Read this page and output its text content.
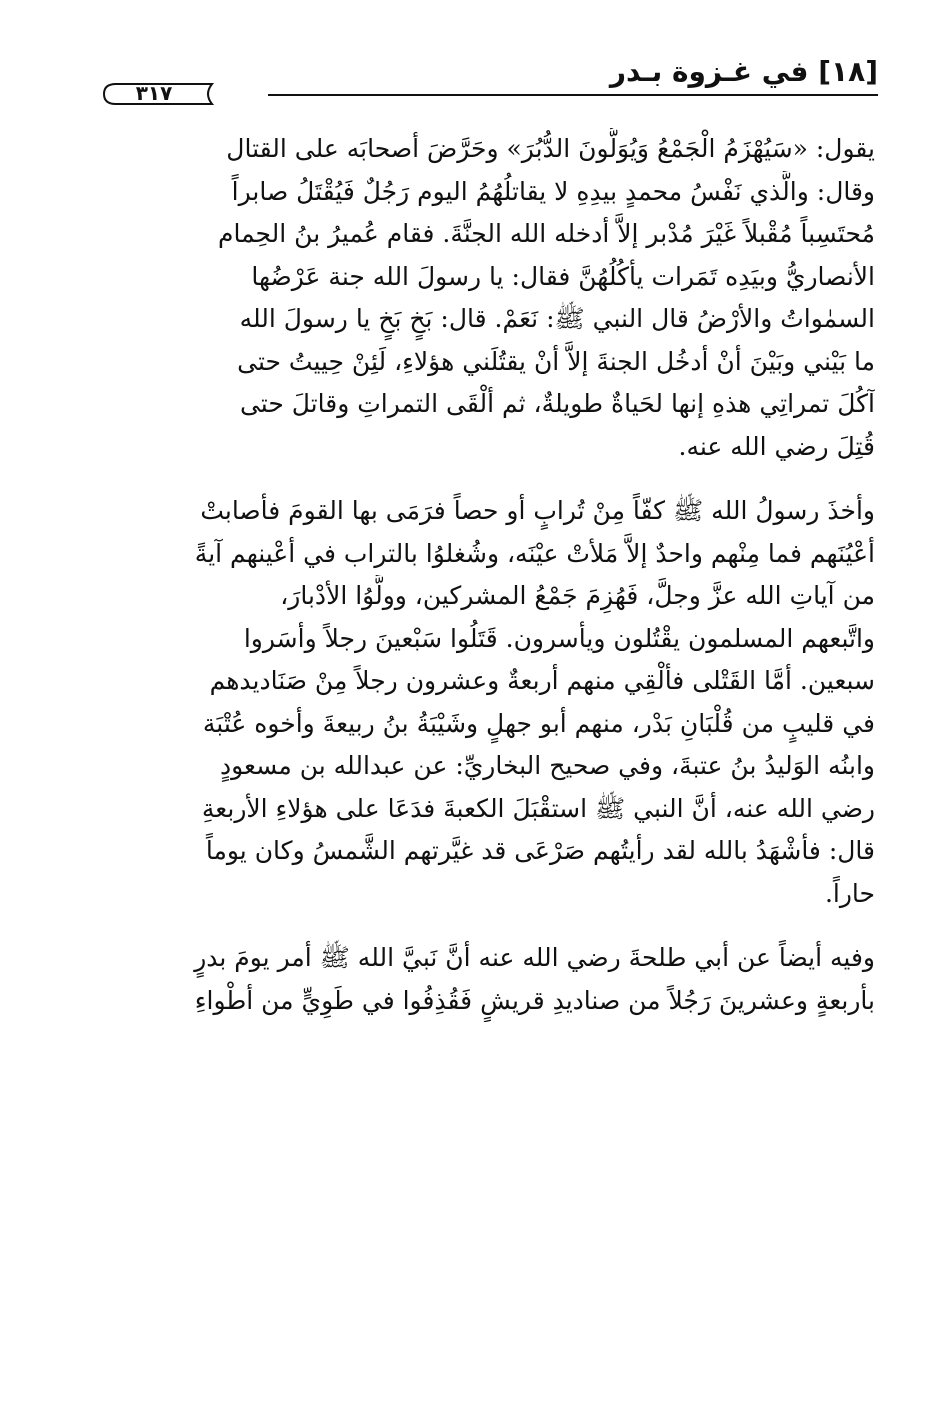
[١٨] في غـزوة بـدر
٣١٧
يقول: «سَيُهْزَمُ الْجَمْعُ وَيُوَلُّونَ الدُّبُرَ» وحَرَّضَ أصحابَه على القتال
وقال: والَّذي نَفْسُ محمدٍ بيدِهِ لا يقاتلُهُمُ اليوم رَجُلٌ فَيُقْتَلُ صابراً
مُحتَسِباً مُقْبلاً غَيْرَ مُدْبر إلاَّ أدخله الله الجنَّةَ. فقام عُميرُ بنُ الحِمام
الأنصاريُّ وبيَدِه تَمَرات يأكُلُهُنَّ فقال: يا رسولَ الله جنة عَرْضُها
السمٰواتُ والأرْضُ قال النبي ﷺ: نَعَمْ. قال: بَخٍ بَخٍ يا رسولَ الله
ما بَيْني وبَيْنَ أنْ أدخُل الجنةَ إلاَّ أنْ يقتُلَني هؤلاءِ، لَئِنْ حِييتُ حتى
آكُلَ تمراتِي هذهِ إنها لحَياةٌ طويلةٌ، ثم ألْقَى التمراتِ وقاتلَ حتى
قُتِلَ رضي الله عنه.
وأخذَ رسولُ الله ﷺ كفّاً مِنْ تُرابٍ أو حصاً فرَمَى بها القومَ فأصابتْ
أعْيُنَهم فما مِنْهم واحدٌ إلاَّ مَلأتْ عيْنَه، وشُغلوُا بالتراب في أعْينهم آيةً
من آياتِ الله عزَّ وجلَّ، فَهُزِمَ جَمْعُ المشركين، وولَّوُا الأدْبارَ،
واتَّبعهم المسلمون يقْتُلون ويأسرون. قَتَلُوا سَبْعينَ رجلاً وأسَروا
سبعين. أمَّا القَتْلى فألْقِي منهم أربعةٌ وعشرون رجلاً مِنْ صَنَاديدهم
في قليبٍ من قُلْبَانِ بَدْر، منهم أبو جهلٍ وشَيْبَةُ بنُ ربيعةَ وأخوه عُتْبَة
وابنُه الوَليدُ بنُ عتبةَ، وفي صحيح البخاريِّ: عن عبدالله بن مسعودٍ
رضي الله عنه، أنَّ النبي ﷺ استقْبَلَ الكعبةَ فدَعَا على هؤلاءِ الأربعةِ
قال: فأشْهَدُ بالله لقد رأيتُهم صَرْعَى قد غيَّرتهم الشَّمسُ وكان يوماً
حاراً.
وفيه أيضاً عن أبي طلحةَ رضي الله عنه أنَّ نَبيَّ الله ﷺ أمر يومَ بدرٍ
بأربعةٍ وعشرينَ رَجُلاً من صناديدِ قريشٍ فَقُذِفُوا في طَوِيٍّ من أطْواءِ
